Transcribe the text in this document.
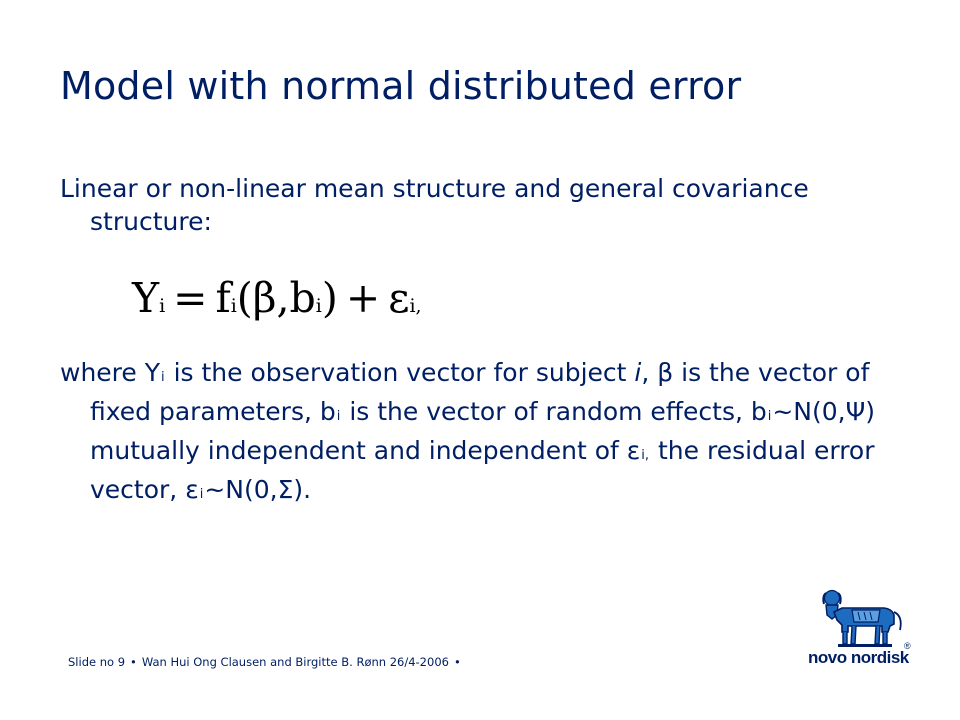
Model with normal distributed error

Linear or non-linear mean structure and general covariance structure:

Yi = fi(β,bi) + εi,

where Yi is the observation vector for subject i, β is the vector of fixed parameters, bi is the vector of random effects, bi~N(0,Ψ) mutually independent and independent of εi, the residual error vector, εi~N(0,Σ).

Slide no 9 • Wan Hui Ong Clausen and Birgitte B. Rønn 26/4-2006 •	novo nordisk
®
